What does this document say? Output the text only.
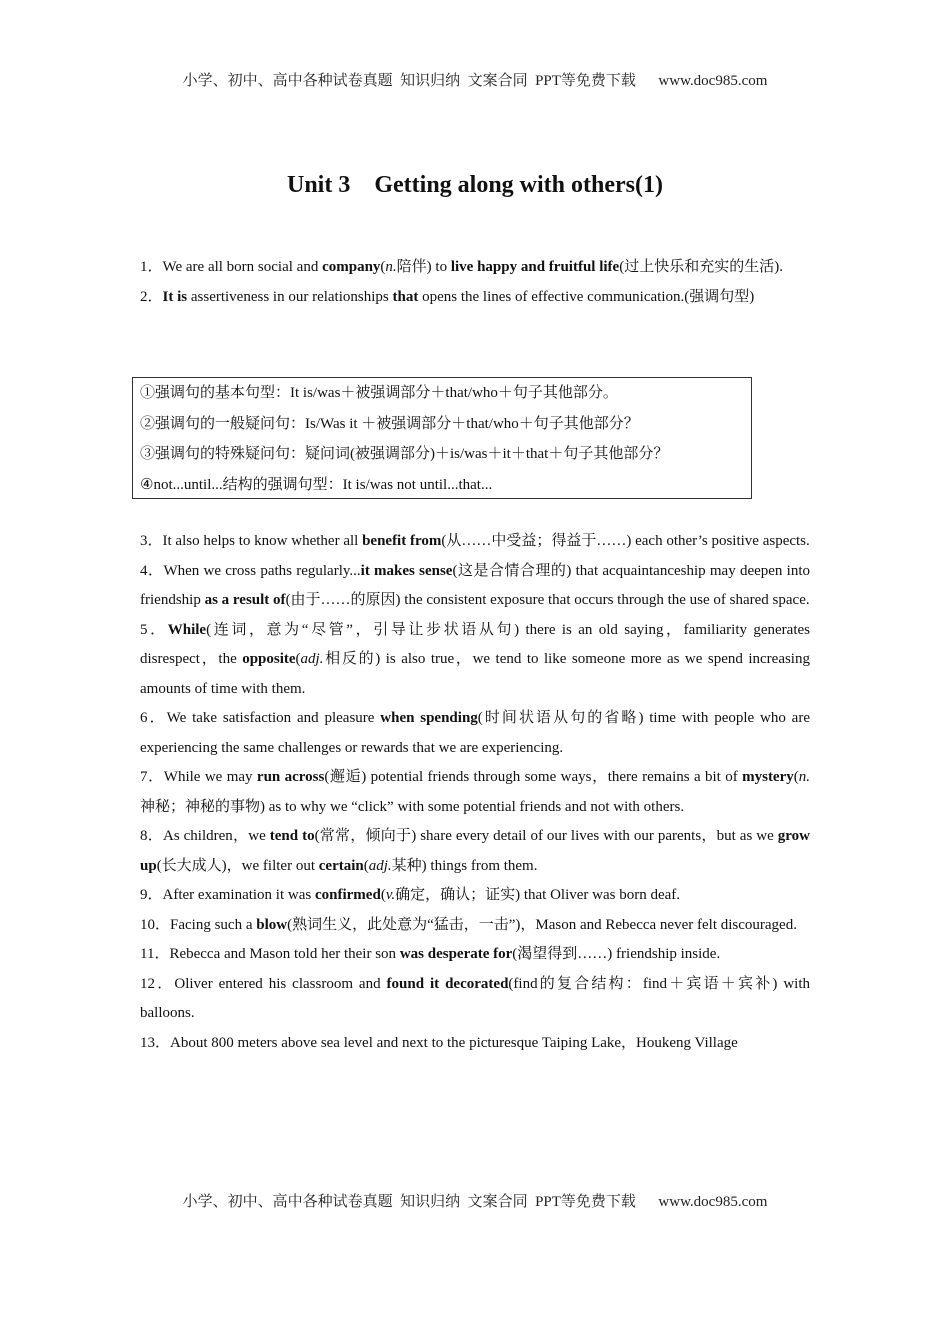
小学、初中、高中各种试卷真题  知识归纳  文案合同  PPT等免费下载      www.doc985.com
Unit 3    Getting along with others(1)

1．We are all born social and company(n.陪伴) to live happy and fruitful life(过上快乐和充实的生活).

2．It is assertiveness in our relationships that opens the lines of effective communication.(强调句型)

①强调句的基本句型：It is/was＋被强调部分＋that/who＋句子其他部分。
②强调句的一般疑问句：Is/Was it ＋被强调部分＋that/who＋句子其他部分？
③强调句的特殊疑问句：疑问词(被强调部分)＋is/was＋it＋that＋句子其他部分？
④not...until...结构的强调句型：It is/was not until...that...

3．It also helps to know whether all benefit from(从……中受益；得益于……) each other’s positive aspects.

4．When we cross paths regularly...it makes sense(这是合情合理的) that acquaintanceship may deepen into friendship as a result of(由于……的原因) the consistent exposure that occurs through the use of shared space.

5．While(连词，意为“尽管”，引导让步状语从句) there is an old saying，familiarity generates disrespect，the opposite(adj.相反的) is also true，we tend to like someone more as we spend increasing amounts of time with them.

6．We take satisfaction and pleasure when spending(时间状语从句的省略) time with people who are experiencing the same challenges or rewards that we are experiencing.

7．While we may run across(邂逅) potential friends through some ways，there remains a bit of mystery(n.神秘；神秘的事物) as to why we “click” with some potential friends and not with others.

8．As children，we tend to(常常，倾向于) share every detail of our lives with our parents，but as we grow up(长大成人)，we filter out certain(adj.某种) things from them.

9．After examination it was confirmed(v.确定，确认；证实) that Oliver was born deaf.

10．Facing such a blow(熟词生义，此处意为“猛击，一击”)，Mason and Rebecca never felt discouraged.

11．Rebecca and Mason told her their son was desperate for(渴望得到……) friendship inside.

12．Oliver entered his classroom and found it decorated(find的复合结构：find＋宾语＋宾补) with balloons.

13．About 800 meters above sea level and next to the picturesque Taiping Lake，Houkeng Village

小学、初中、高中各种试卷真题  知识归纳  文案合同  PPT等免费下载      www.doc985.com
